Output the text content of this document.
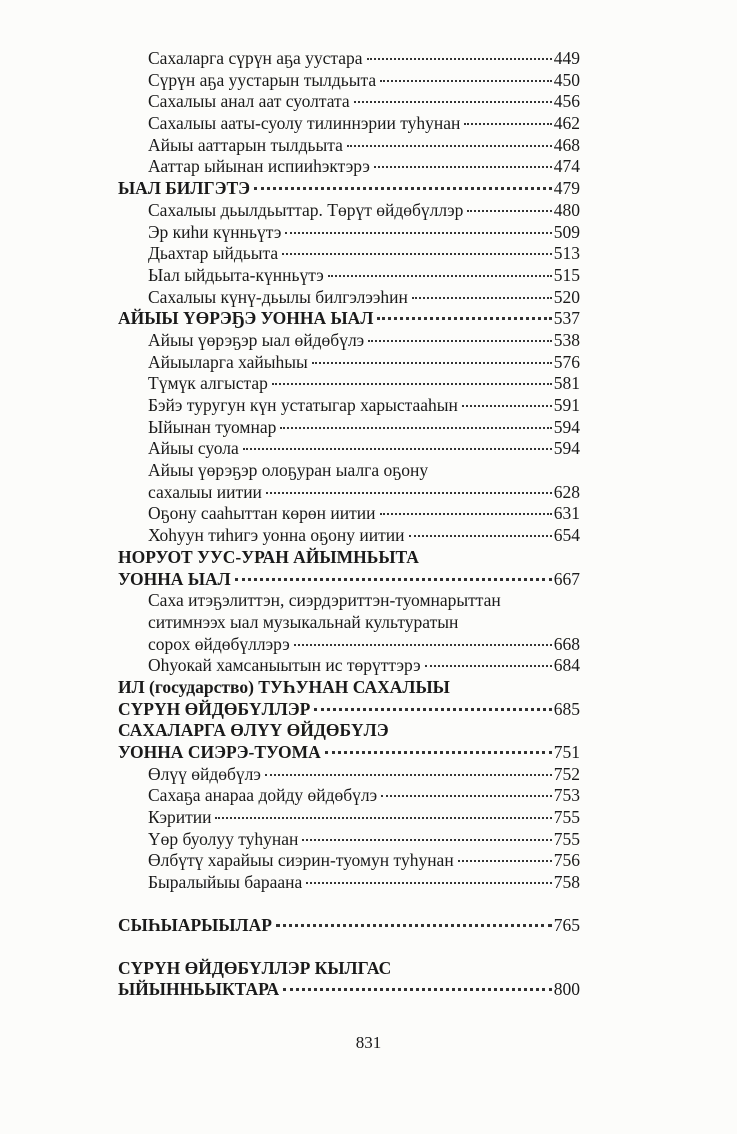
Сахаларга сүрүн аҕа уустара	449
Сүрүн аҕа уустарын тылдьыта	450
Сахалыы анал аат суолтата	456
Сахалыы ааты-суолу тилиннэрии туһунан	462
Айыы ааттарын тылдьыта	468
Ааттар ыйынан испииһэктэрэ	474
ЫАЛ БИЛГЭТЭ	479
Сахалыы дьылдьыттар. Төрүт өйдөбүллэр	480
Эр киһи күнньүтэ	509
Дьахтар ыйдьыта	513
Ыал ыйдьыта-күнньүтэ	515
Сахалыы күнү-дьылы билгэлээһин	520
АЙЫЫ ҮӨРЭҔЭ УОННА ЫАЛ	537
Айыы үөрэҕэр ыал өйдөбүлэ	538
Айыыларга хайыһыы	576
Түмүк алгыстар	581
Бэйэ туругун күн устатыгар харыстааһын	591
Ыйынан туомнар	594
Айыы суола	594
Айыы үөрэҕэр олоҕуран ыалга оҕону
сахалыы иитии	628
Оҕону сааһыттан көрөн иитии	631
Хоһуун тиһигэ уонна оҕону иитии	654
НОРУОТ УУС-УРАН АЙЫМНЬЫТА
УОННА ЫАЛ	667
Саха итэҕэлиттэн, сиэрдэриттэн-туомнарыттан
ситимнээх ыал музыкальнай культуратын
сорох өйдөбүллэрэ	668
Оһуокай хамсаныытын ис төрүттэрэ	684
ИЛ (государство) ТУҺУНАН САХАЛЫЫ
СҮРҮН ӨЙДӨБҮЛЛЭР	685
САХАЛАРГА ӨЛҮҮ ӨЙДӨБҮЛЭ
УОННА СИЭРЭ-ТУОМА	751
Өлүү өйдөбүлэ	752
Сахаҕа анараа дойду өйдөбүлэ	753
Кэритии	755
Үөр буолуу туһунан	755
Өлбүтү харайыы сиэрин-туомун туһунан	756
Быралыйыы бараана	758
СЫҺЫАРЫЫЛАР	765
СҮРҮН ӨЙДӨБҮЛЛЭР КЫЛГАС
ЫЙЫННЬЫКТАРА	800
831
